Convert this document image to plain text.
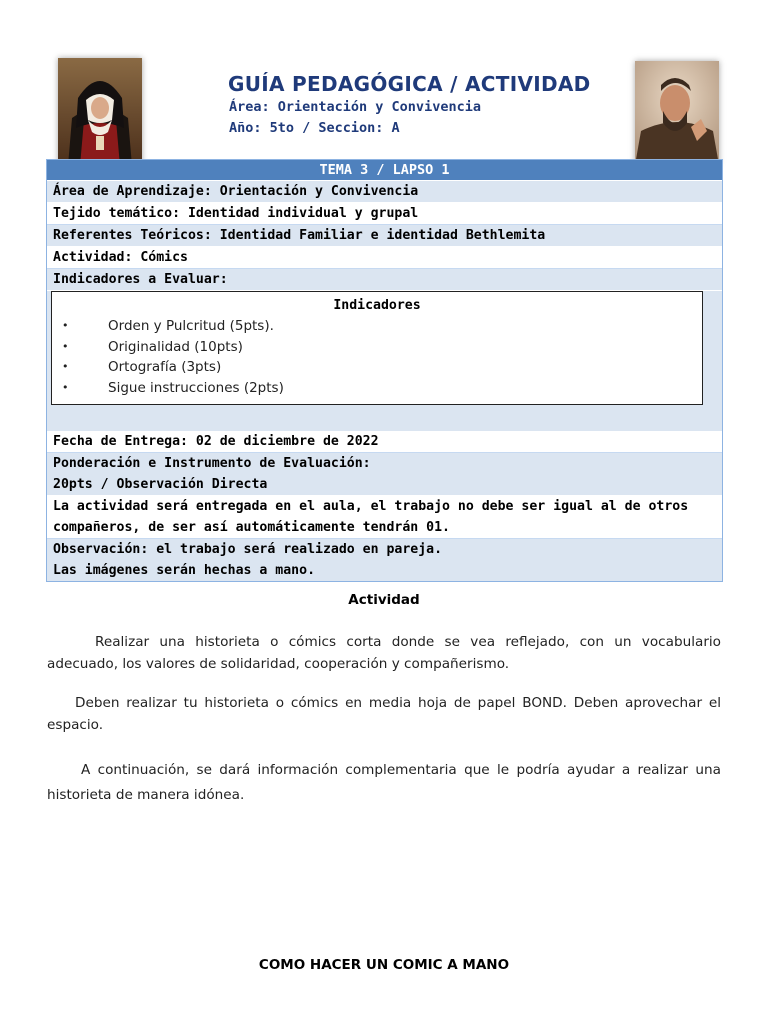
GUÍA PEDAGÓGICA / ACTIVIDAD
Área: Orientación y Convivencia
Año: 5to / Seccion: A
TEMA 3 / LAPSO 1
Área de Aprendizaje: Orientación y Convivencia
Tejido temático: Identidad individual y grupal
Referentes Teóricos: Identidad Familiar e identidad Bethlemita
Actividad: Cómics
Indicadores a Evaluar:
Indicadores
•	Orden y Pulcritud (5pts).
•	Originalidad (10pts)
•	Ortografía (3pts)
•	Sigue instrucciones (2pts)
Fecha de Entrega: 02 de diciembre de 2022
Ponderación e Instrumento de Evaluación:
20pts / Observación Directa
La actividad será entregada en el aula, el trabajo no debe ser igual al de otros
compañeros, de ser así automáticamente tendrán 01.
Observación: el trabajo será realizado en pareja.
Las imágenes serán hechas a mano.
Actividad
Realizar una historieta o cómics corta donde se vea reflejado, con un vocabulario adecuado, los valores de solidaridad, cooperación y compañerismo.
Deben realizar tu historieta o cómics en media hoja de papel BOND. Deben aprovechar el espacio.
A continuación, se dará información complementaria que le podría ayudar a realizar una historieta de manera idónea.
COMO HACER UN COMIC A MANO
